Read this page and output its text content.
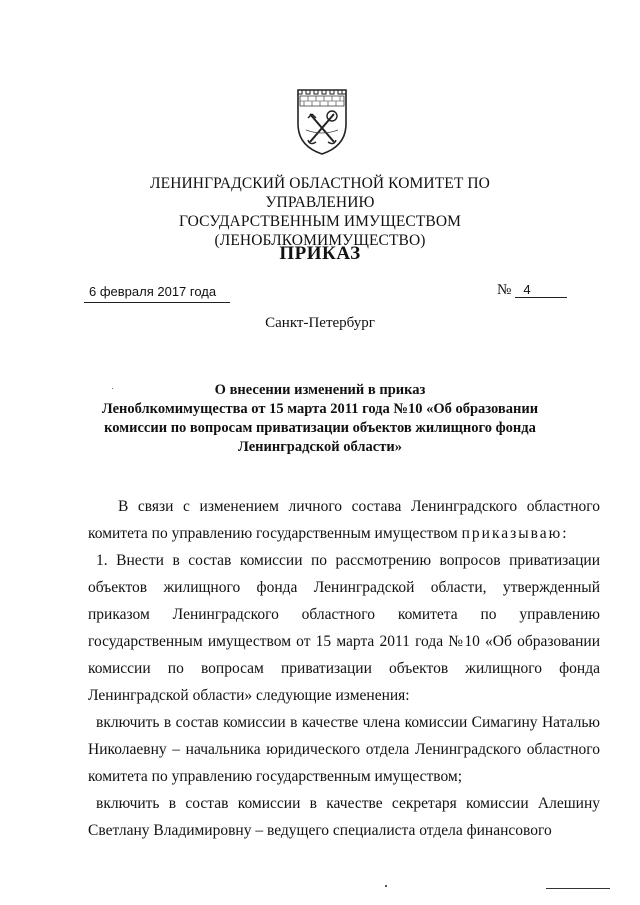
ЛЕНИНГРАДСКИЙ ОБЛАСТНОЙ КОМИТЕТ ПО УПРАВЛЕНИЮ
ГОСУДАРСТВЕННЫМ ИМУЩЕСТВОМ
(ЛЕНОБЛКОМИМУЩЕСТВО)
ПРИКАЗ
6 февраля 2017 года	№ 4
Санкт-Петербург
О внесении изменений в приказ
Леноблкомимущества от 15 марта 2011 года №10 «Об образовании
комиссии по вопросам приватизации объектов жилищного фонда
Ленинградской области»

В связи с изменением личного состава Ленинградского областного комитета по управлению государственным имуществом приказываю:

1. Внести в состав комиссии по рассмотрению вопросов приватизации объектов жилищного фонда Ленинградской области, утвержденный приказом Ленинградского областного комитета по управлению государственным имуществом от 15 марта 2011 года №10 «Об образовании комиссии по вопросам приватизации объектов жилищного фонда Ленинградской области» следующие изменения:

включить в состав комиссии в качестве члена комиссии Симагину Наталью Николаевну – начальника юридического отдела Ленинградского областного комитета по управлению государственным имуществом;

включить в состав комиссии в качестве секретаря комиссии Алешину Светлану Владимировну – ведущего специалиста отдела финансового
